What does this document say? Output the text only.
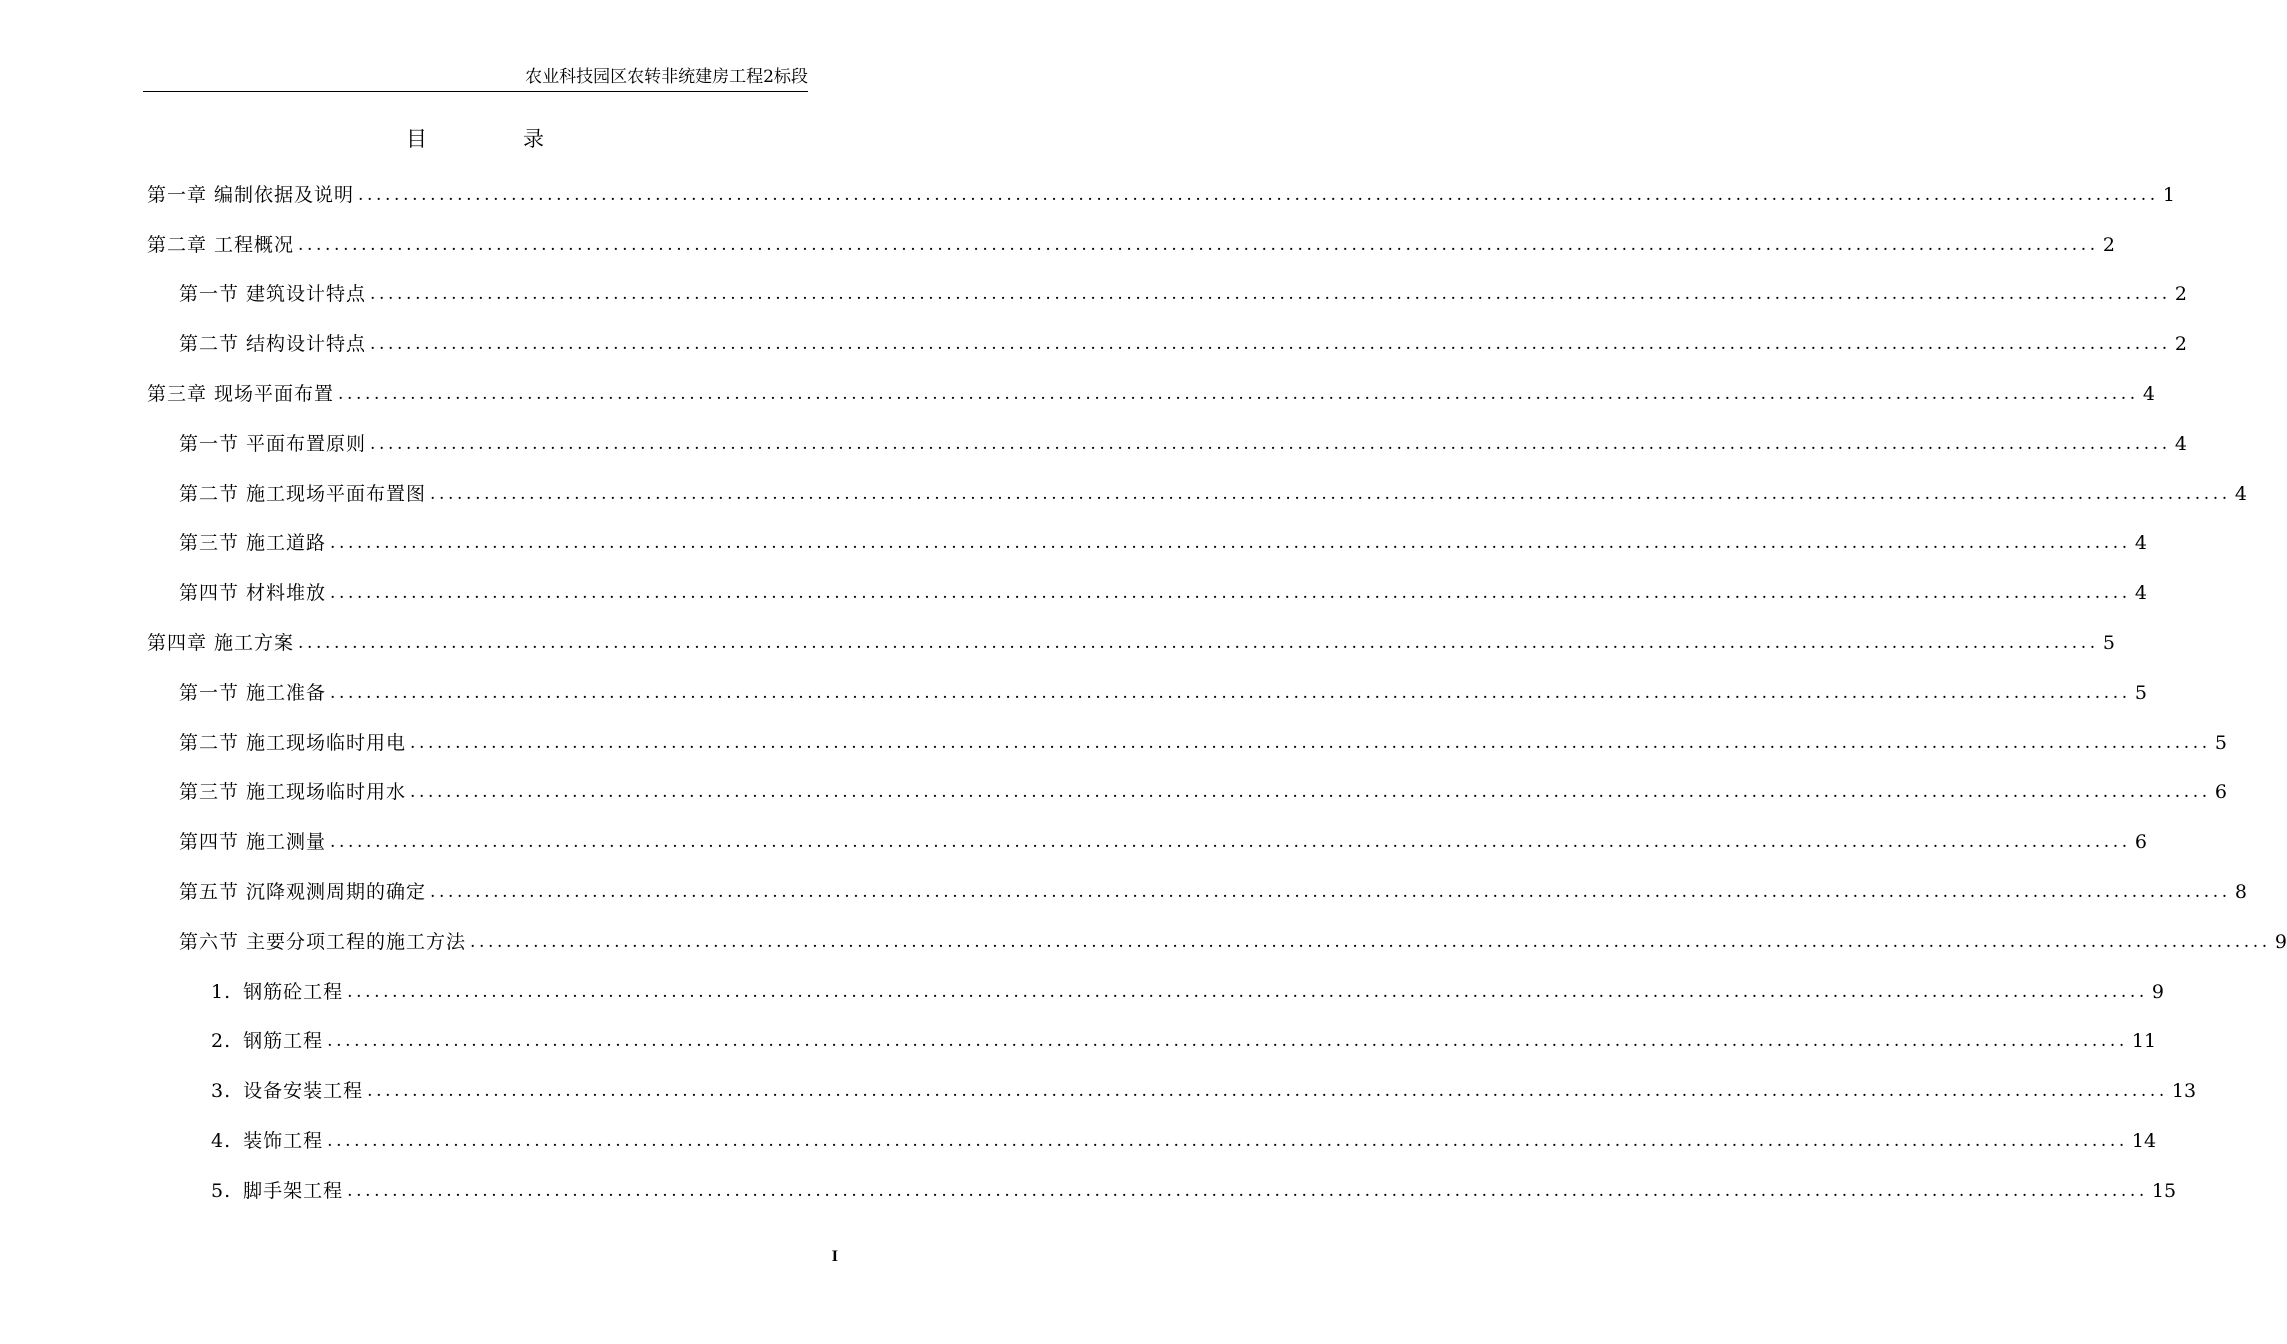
农业科技园区农转非统建房工程2标段
目	录
第一章 编制依据及说明 ........................................................................................................................................................................................................ 1
第二章 工程概况 ........................................................................................................................................................................................................ 2
第一节 建筑设计特点 ........................................................................................................................................................................................................ 2
第二节 结构设计特点 ........................................................................................................................................................................................................ 2
第三章 现场平面布置 ........................................................................................................................................................................................................ 4
第一节 平面布置原则 ........................................................................................................................................................................................................ 4
第二节 施工现场平面布置图 ........................................................................................................................................................................................................ 4
第三节 施工道路 ........................................................................................................................................................................................................ 4
第四节 材料堆放 ........................................................................................................................................................................................................ 4
第四章 施工方案 ........................................................................................................................................................................................................ 5
第一节 施工准备 ........................................................................................................................................................................................................ 5
第二节 施工现场临时用电 ........................................................................................................................................................................................................ 5
第三节 施工现场临时用水 ........................................................................................................................................................................................................ 6
第四节 施工测量 ........................................................................................................................................................................................................ 6
第五节 沉降观测周期的确定 ........................................................................................................................................................................................................ 8
第六节 主要分项工程的施工方法 ........................................................................................................................................................................................................ 9
1. 钢筋砼工程 ........................................................................................................................................................................................................ 9
2. 钢筋工程 ........................................................................................................................................................................................................ 11
3. 设备安装工程 ........................................................................................................................................................................................................ 13
4. 装饰工程 ........................................................................................................................................................................................................ 14
5. 脚手架工程 ........................................................................................................................................................................................................ 15
I
